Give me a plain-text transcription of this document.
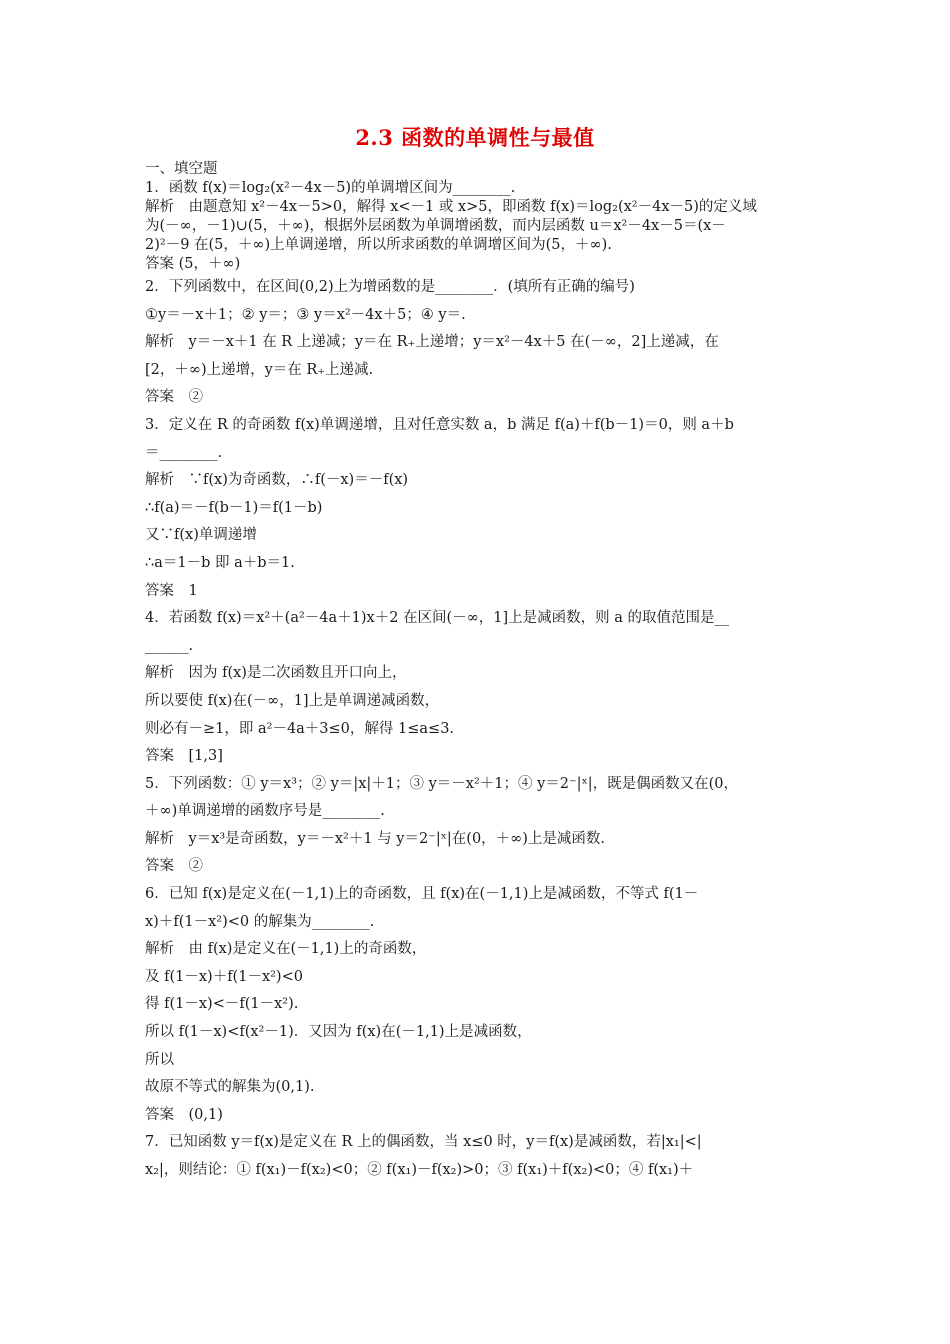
2.3 函数的单调性与最值
一、填空题
1．函数 f(x)＝log₂(x²－4x－5)的单调增区间为________.
解析　由题意知 x²－4x－5>0，解得 x<－1 或 x>5，即函数 f(x)＝log₂(x²－4x－5)的定义域
为(－∞，－1)∪(5，＋∞)，根据外层函数为单调增函数，而内层函数 u＝x²－4x－5＝(x－
2)²－9 在(5，＋∞)上单调递增，所以所求函数的单调增区间为(5，＋∞).
答案 (5，＋∞)
2．下列函数中，在区间(0,2)上为增函数的是________．(填所有正确的编号)
①y＝－x＋1；② y＝；③ y＝x²－4x＋5；④ y＝.
解析　y＝－x＋1 在 R 上递减；y＝在 R₊上递增；y＝x²－4x＋5 在(－∞，2]上递减，在
[2，＋∞)上递增，y＝在 R₊上递减.
答案　②
3．定义在 R 的奇函数 f(x)单调递增，且对任意实数 a，b 满足 f(a)＋f(b－1)＝0，则 a＋b
＝________.
解析　∵f(x)为奇函数，∴f(－x)＝－f(x)
∴f(a)＝－f(b－1)＝f(1－b)
又∵f(x)单调递增
∴a＝1－b 即 a＋b＝1.
答案　1
4．若函数 f(x)＝x²＋(a²－4a＋1)x＋2 在区间(－∞，1]上是减函数，则 a 的取值范围是__
______.
解析　因为 f(x)是二次函数且开口向上，
所以要使 f(x)在(－∞，1]上是单调递减函数，
则必有－≥1，即 a²－4a＋3≤0，解得 1≤a≤3.
答案　[1,3]
5．下列函数：① y＝x³；② y＝|x|＋1；③ y＝－x²＋1；④ y＝2⁻|ˣ|，既是偶函数又在(0，
＋∞)单调递增的函数序号是________.
解析　y＝x³是奇函数，y＝－x²＋1 与 y＝2⁻|ˣ|在(0，＋∞)上是减函数.
答案　②
6．已知 f(x)是定义在(－1,1)上的奇函数，且 f(x)在(－1,1)上是减函数，不等式 f(1－
x)＋f(1－x²)<0 的解集为________.
解析　由 f(x)是定义在(－1,1)上的奇函数，
及 f(1－x)＋f(1－x²)<0
得 f(1－x)<－f(1－x²).
所以 f(1－x)<f(x²－1)．又因为 f(x)在(－1,1)上是减函数，
所以
故原不等式的解集为(0,1).
答案　(0,1)
7．已知函数 y＝f(x)是定义在 R 上的偶函数，当 x≤0 时，y＝f(x)是减函数，若|x₁|<|
x₂|，则结论：① f(x₁)－f(x₂)<0；② f(x₁)－f(x₂)>0；③ f(x₁)＋f(x₂)<0；④ f(x₁)＋
